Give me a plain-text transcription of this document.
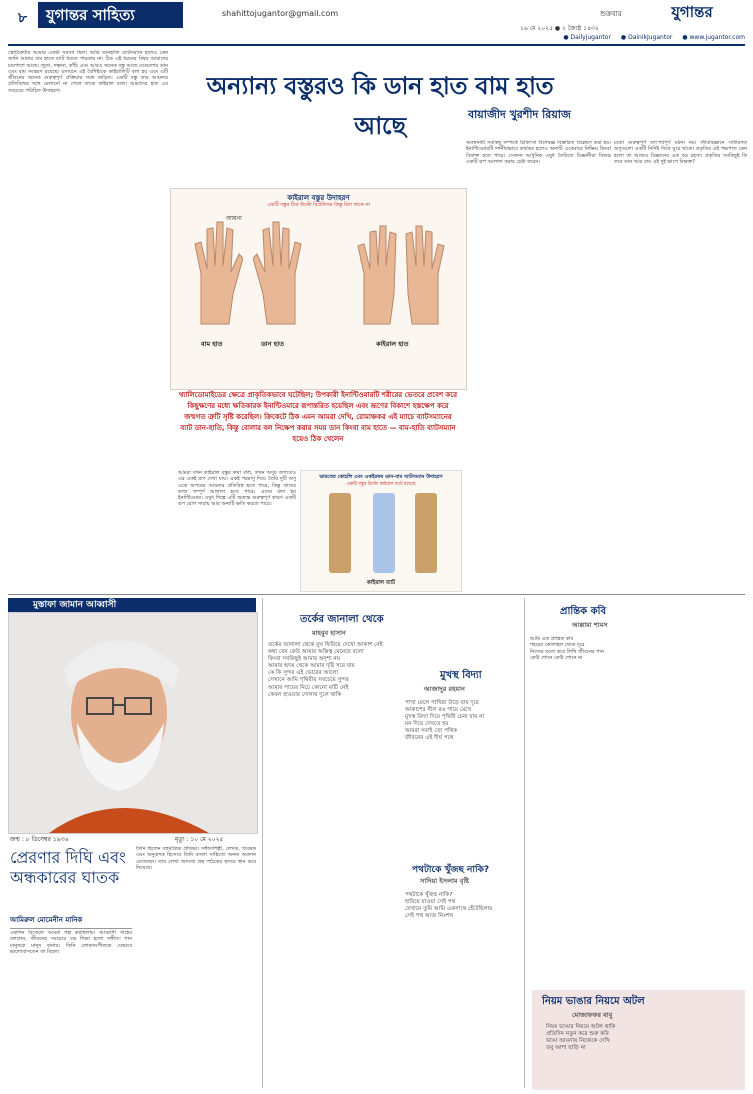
৮	যুগান্তর সাহিত্য	shahittojugantor@gmail.com	শুক্রবার	যুগান্তর
১৬ মে ২০২৫ ● ২ জ্যৈষ্ঠ ১৪৩২
● Dailyjugantor ● DainikJugantor ● www.jugantor.com
স্কেটিকেটায় আমার একটা সমস্যা ছিল। আমি ডানহাতি ব্যাটসম্যান হলেও কেন জানি আমার বাম হাতে ব্যাট ধরতে পারতাম না। ঠিক এই ধরনের বিষয় আমাদের চারপাশে আছে। জুতা, দস্তানা, কাঁচি এবং আরও অনেক বস্তু আছে যেগুলোর ডান এবং বাম সংস্করণ রয়েছে। রসায়নে এই বৈশিষ্ট্যকে কাইরালিটি বলা হয় এবং এটি জীবনের অনেক গুরুত্বপূর্ণ প্রক্রিয়ার সঙ্গে জড়িত। একটি বস্তু তার আয়নার প্রতিবিম্বের সঙ্গে মেলানো না গেলে তাকে কাইরাল বলে। আমাদের হাত এর সবচেয়ে পরিচিত উদাহরণ।	অন্যান্য বস্তুরও কি ডান হাত বাম হাত আছে	বায়াজীদ খুরশীদ রিয়াজ
কাইরাল বস্তুর উদাহরণ
একটি বস্তুর ঠিক উল্টো বিপ্রতিসম কিন্তু মিল থাকে না
আয়না
বাম হাত	ডান হাত	কাইরাল হাত
অবস্থানটি সবকিছু সম্পর্কে চিকিৎসা বিশেষজ্ঞ বিস্তারিত বিশ্লেষণ করা হয়। ইনান্টিওমারটি দর্শনীয়ভাবে কার্যকর হলেও অন্যটি একেবারে নিষ্ক্রিয় কিংবা বিষাক্ত হতে পারে। সেজন্য আধুনিক ওষুধ তৈরিতে বিজ্ঞানীরা বিশুদ্ধ একটি রূপ আলাদা করার চেষ্টা করেন।
মতো গুরুত্বপূর্ণ তাৎপর্যপূর্ণ ঘটনা নয়। জীববিজ্ঞানে সাধারণত অণুগুলো একটি নির্দিষ্ট দিকে ঘুরে থাকে। প্রকৃতির এই পক্ষপাত কেন হলো তা আজও বিজ্ঞানের এক বড় রহস্য। প্রকৃতির সবকিছুই কি তবে ডান আর বাম এই দুই ভাগে বিভক্ত?
থ্যালিডোমাইডের ক্ষেত্রে প্রাকৃতিকভাবে ঘটেছিল; উপকারী ইনান্টিওমারটি শরীরের ভেতরে প্রবেশ করে কিছুক্ষণের মধ্যে ক্ষতিকারক ইনান্টিওমারে রূপান্তরিত হয়েছিল এবং ভ্রূণের বিকাশে হস্তক্ষেপ করে জন্মগত ত্রুটি সৃষ্টি করেছিল। ক্রিকেটে ঠিক এমন আমরা দেখি, রোমাঞ্চকর এই ম্যাচে ব্যাটসম্যানের ব্যাট ডান-হাতি, কিন্তু বোলার বল নিক্ষেপ করার সময় ডান কিংবা বাম হাতে — বাম-হাতি ব্যাটসম্যান হয়েও ঠিক খেলেন
ভারতের কোহলি এবং একইরকম ডান-বাম ব্যাটসম্যান উদাহরণ
একটি বস্তুর উল্টো কাইরাল ব্যাট রয়েছে
কাইরাল ব্যাট
আমরা যখন কাইরাল বস্তুর কথা বলি, তখন অণুর জগতেও এর একই রূপ দেখা যায়। একই পরমাণু দিয়ে তৈরি দুটি অণু একে অপরের আয়নার প্রতিবিম্ব হতে পারে, কিন্তু তাদের কাজ সম্পূর্ণ আলাদা হতে পারে। এদের বলা হয় ইনান্টিওমার। ওষুধ শিল্পে এটি অত্যন্ত গুরুত্বপূর্ণ কারণ একটি রূপ রোগ সারায় আর অন্যটি ক্ষতি করতে পারে।
মুস্তাফা জামান আব্বাসী
জন্ম : ৮ ডিসেম্বর ১৯৩৬	মৃত্যু : ১০ মে ২০২৫
প্রেরণার দিঘি এবং অন্ধকারের ঘাতক
আমিরুল মোমেনীন মানিক
একদিন বিকেলে আমরা গল্প করছিলাম। আব্বাসী সাহেব বললেন, জীবনের সবচেয়ে বড় শিক্ষা হলো সঙ্গীত। গান মানুষকে মানুষ বানায়। তিনি লোকসংগীতকে যেভাবে ভালোবাসতেন তা বিরল।
তিনি ছিলেন বহুমাত্রিক প্রতিভা। সঙ্গীতশিল্পী, লেখক, গবেষক এবং অনুবাদক হিসেবে তিনি বাংলা সাহিত্যে অনন্য অবদান রেখেছেন। তার লেখা অসংখ্য গ্রন্থ পাঠকের হৃদয়ে স্থান করে নিয়েছে।
তর্কের জানালা থেকে
মাহবুব হাসান
তর্কের জানালা থেকে মুখ ফিরিয়ে দেখো আকাশ নেই
কথা যেন কেউ আমার অস্তিত্ব মেনেছে বলো
কিংবা সবকিছুই আমার অদৃশ্য নয়
আমার হৃদয় থেকে আমার দৃষ্টি সরে যায়
কে কি সুন্দর এই ভোরের আলো
সেখানে আমি পৃথিবীর সবচেয়ে সুন্দর
আমার পায়ের নিচে কোনো মাটি নেই
কেবল হাওয়ার দোলায় দুলে থাকি
মুখস্থ বিদ্যা
আজাদুর রহমান
পাখা মেলে পাখিরা উড়ে যায় দূরে
আকাশের নীল রঙ গায়ে মেখে
মুখস্থ বিদ্যা দিয়ে পৃথিবী চেনা যায় না
মন দিয়ে দেখতে হয়
আমরা সবাই তো পথিক
জীবনের এই দীর্ঘ পথে
পথটাকে খুঁজছ নাকি?
সাদিয়া ইসলাম বৃষ্টি
পথটাকে খুঁজছ নাকি?
হারিয়ে যাওয়া সেই পথ
যেখানে তুমি আমি একসাথে হেঁটেছিলাম
সেই পথ আজ নিঃশব্দ
প্রান্তিক কবি
আল্লামা শামস
আমি এক প্রান্তিক কবি
শহরের কোলাহল থেকে দূরে
নিজের মতো করে লিখি জীবনের গান
কেউ শোনে কেউ শোনে না
নিয়ম ভাঙার নিয়মে অটল
মোজাফফর বাবু
নিয়ম ভাঙার নিয়মে অটল থাকি
প্রতিদিন নতুন করে শুরু করি
ভাঙা আয়নায় নিজেকে দেখি
তবু আশা ছাড়ি না
